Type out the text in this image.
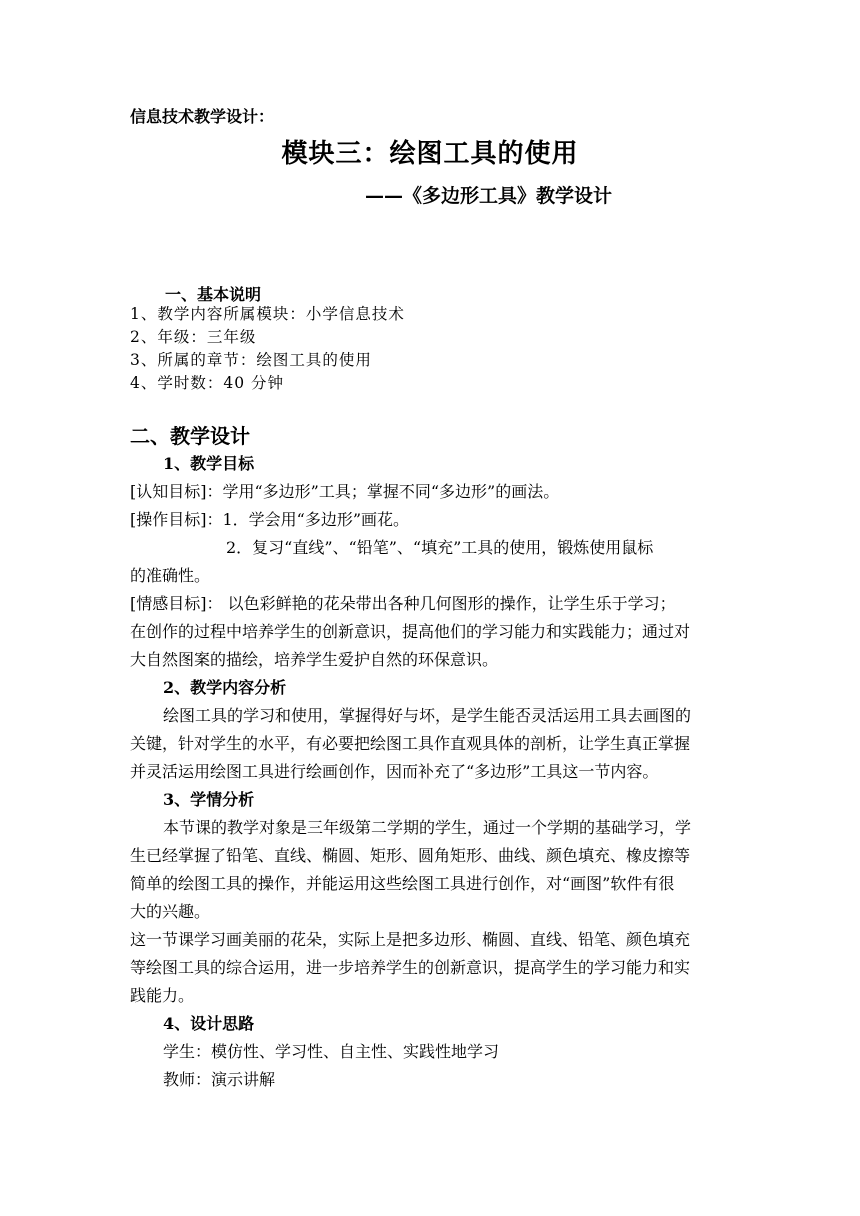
信息技术教学设计：
模块三：绘图工具的使用
——《多边形工具》教学设计
一、基本说明
1、教学内容所属模块：小学信息技术
2、年级：三年级
3、所属的章节：绘图工具的使用
4、学时数：40 分钟
二、教学设计

1、教学目标

[认知目标]：学用“多边形”工具；掌握不同“多边形”的画法。

[操作目标]：1．学会用“多边形”画花。

2．复习“直线”、“铅笔”、“填充”工具的使用，锻炼使用鼠标

的准确性。

[情感目标]： 以色彩鲜艳的花朵带出各种几何图形的操作，让学生乐于学习；

在创作的过程中培养学生的创新意识，提高他们的学习能力和实践能力；通过对

大自然图案的描绘，培养学生爱护自然的环保意识。

2、教学内容分析

绘图工具的学习和使用，掌握得好与坏，是学生能否灵活运用工具去画图的

关键，针对学生的水平，有必要把绘图工具作直观具体的剖析，让学生真正掌握

并灵活运用绘图工具进行绘画创作，因而补充了“多边形”工具这一节内容。

3、学情分析

本节课的教学对象是三年级第二学期的学生，通过一个学期的基础学习，学

生已经掌握了铅笔、直线、椭圆、矩形、圆角矩形、曲线、颜色填充、橡皮擦等

简单的绘图工具的操作，并能运用这些绘图工具进行创作，对“画图”软件有很

大的兴趣。

这一节课学习画美丽的花朵，实际上是把多边形、椭圆、直线、铅笔、颜色填充

等绘图工具的综合运用，进一步培养学生的创新意识，提高学生的学习能力和实

践能力。

4、设计思路

学生：模仿性、学习性、自主性、实践性地学习

教师：演示讲解
